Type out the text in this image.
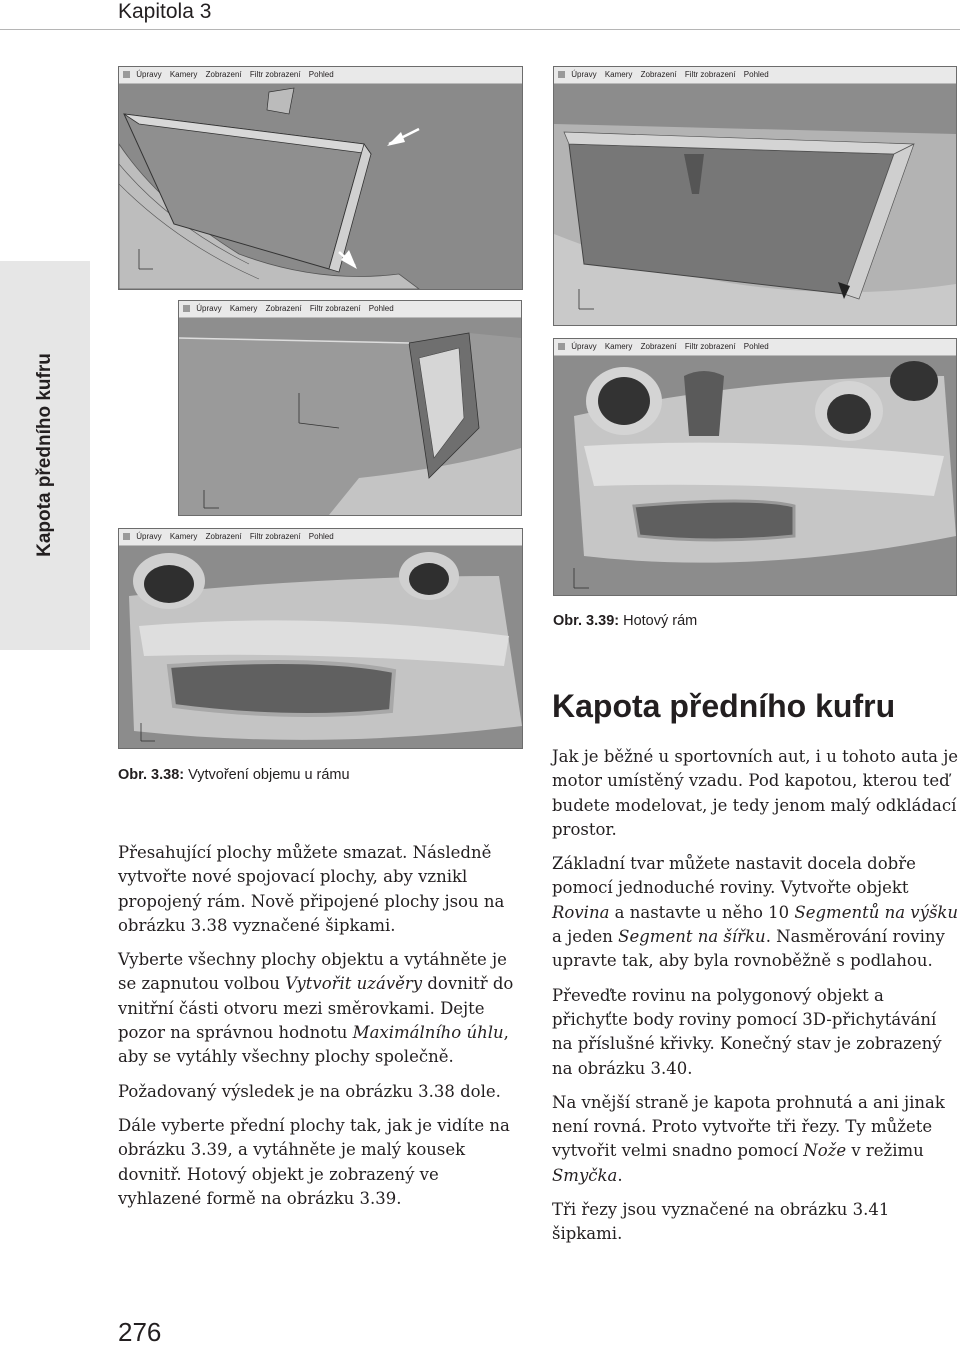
Kapitola 3
Kapota předního kufru
Úpravy Kamery Zobrazení Filtr zobrazení Pohled	Úpravy Kamery Zobrazení Filtr zobrazení Pohled
Úpravy Kamery Zobrazení Filtr zobrazení Pohled
Úpravy Kamery Zobrazení Filtr zobrazení Pohled
Úpravy Kamery Zobrazení Filtr zobrazení Pohled
Obr. 3.38: Vytvoření objemu u rámu
Obr. 3.39: Hotový rám
Kapota předního kufru

Přesahující plochy můžete smazat. Následně vytvořte nové spojovací plochy, aby vznikl propojený rám. Nově připojené plochy jsou na obrázku 3.38 vyznačené šipkami.

Vyberte všechny plochy objektu a vytáhněte je se zapnutou volbou Vytvořit uzávěry dovnitř do vnitřní části otvoru mezi směrovkami. Dejte pozor na správnou hodnotu Maximálního úhlu, aby se vytáhly všechny plochy společně.

Požadovaný výsledek je na obrázku 3.38 dole.

Dále vyberte přední plochy tak, jak je vidíte na obrázku 3.39, a vytáhněte je malý kousek dovnitř. Hotový objekt je zobrazený ve vyhlazené formě na obrázku 3.39.

Jak je běžné u sportovních aut, i u tohoto auta je motor umístěný vzadu. Pod kapotou, kterou teď budete modelovat, je tedy jenom malý odkládací prostor.

Základní tvar můžete nastavit docela dobře pomocí jednoduché roviny. Vytvořte objekt Rovina a nastavte u něho 10 Segmentů na výšku a jeden Segment na šířku. Nasměrování roviny upravte tak, aby byla rovnoběžně s podlahou.

Převeďte rovinu na polygonový objekt a přichyťte body roviny pomocí 3D-přichytávání na příslušné křivky. Konečný stav je zobrazený na obrázku 3.40.

Na vnější straně je kapota prohnutá a ani jinak není rovná. Proto vytvořte tři řezy. Ty můžete vytvořit velmi snadno pomocí Nože v režimu Smyčka.

Tři řezy jsou vyznačené na obrázku 3.41 šipkami.

276
